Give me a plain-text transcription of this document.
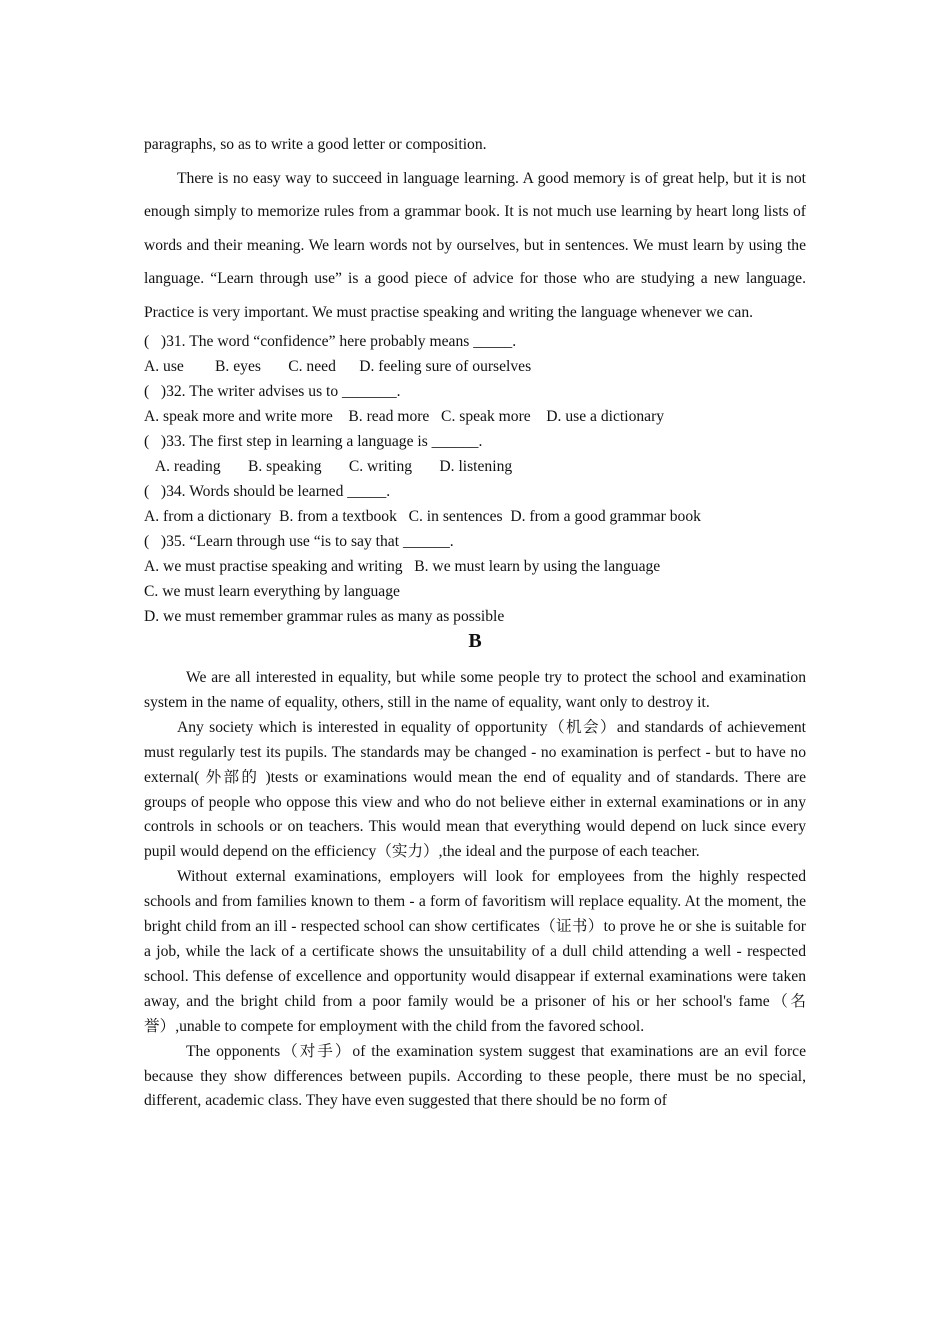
paragraphs, so as to write a good letter or composition.

There is no easy way to succeed in language learning. A good memory is of great help, but it is not enough simply to memorize rules from a grammar book. It is not much use learning by heart long lists of words and their meaning. We learn words not by ourselves, but in sentences. We must learn by using the language. “Learn through use” is a good piece of advice for those who are studying a new language. Practice is very important. We must practise speaking and writing the language whenever we can.

(   )31. The word “confidence” here probably means _____.

A. use        B. eyes       C. need      D. feeling sure of ourselves

(   )32. The writer advises us to _______.

A. speak more and write more    B. read more   C. speak more    D. use a dictionary

(   )33. The first step in learning a language is ______.

A. reading       B. speaking       C. writing       D. listening

(   )34. Words should be learned _____.

A. from a dictionary  B. from a textbook   C. in sentences  D. from a good grammar book

(   )35. “Learn through use “is to say that ______.

A. we must practise speaking and writing   B. we must learn by using the language

C. we must learn everything by language

D. we must remember grammar rules as many as possible

B

We are all interested in equality, but while some people try to protect the school and examination system in the name of equality, others, still in the name of equality, want only to destroy it.

Any society which is interested in equality of opportunity（机会）and standards of achievement must regularly test its pupils. The standards may be changed - no examination is perfect - but to have no external( 外部的 )tests or examinations would mean the end of equality and of standards. There are groups of people who oppose this view and who do not believe either in external examinations or in any controls in schools or on teachers. This would mean that everything would depend on luck since every pupil would depend on the efficiency（实力）,the ideal and the purpose of each teacher.

Without external examinations, employers will look for employees from the highly respected schools and from families known to them - a form of favoritism will replace equality. At the moment, the bright child from an ill - respected school can show certificates（证书）to prove he or she is suitable for a job, while the lack of a certificate shows the unsuitability of a dull child attending a well - respected school. This defense of excellence and opportunity would disappear if external examinations were taken away, and the bright child from a poor family would be a prisoner of his or her school's fame（名誉）,unable to compete for employment with the child from the favored school.

The opponents（对手）of the examination system suggest that examinations are an evil force because they show differences between pupils. According to these people, there must be no special, different, academic class. They have even suggested that there should be no form of
